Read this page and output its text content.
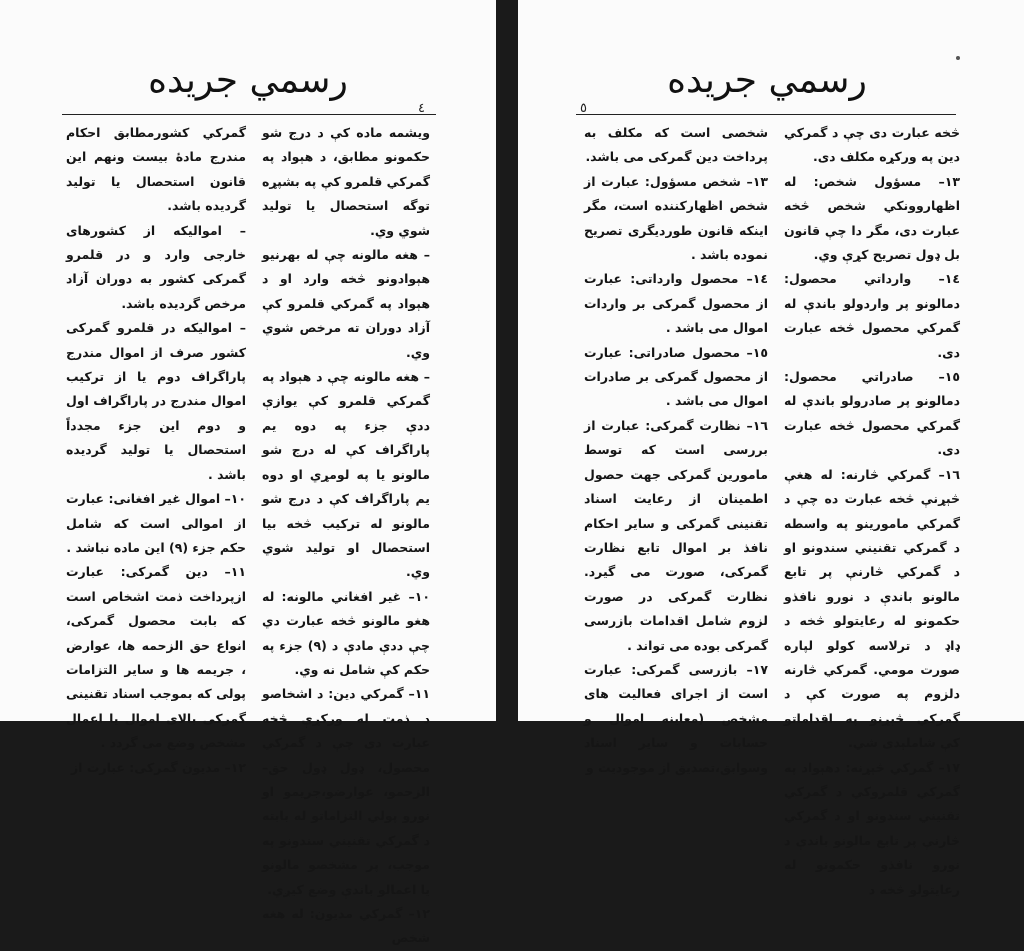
رسمي جريده
٤

ويشمه ماده كې د درج شو حكمونو مطابق، د هېواد په گمركي قلمرو كې په بشپړه توگه استحصال يا توليد شوي وي.

– هغه مالونه چې له بهرنيو هېوادونو څخه وارد او د هېواد په گمركي قلمرو كې آزاد دوران ته مرخص شوي وي.

– هغه مالونه چې د هېواد په گمركي قلمرو كې يوازې ددې جزء په دوه يم پاراگراف كې له درج شو مالونو يا په لومړي او دوه يم پاراگراف كې د درج شو مالونو له تركيب څخه بيا استحصال او توليد شوي وي.

١٠– غير افغاني مالونه: له هغو مالونو څخه عبارت دي چې ددې مادې د (٩) جزء په حكم كې شامل نه وي.

١١– گمركي دين: د اشخاصو د ذمت له وركړې څخه عبارت دى چې د گمركي محصول، ډول ډول حق– الزحمو، عوارضو،جريمو او نورو پولي التزاماتو له بابته د گمركي تقنيني سندونو په موجب، پر مشخصو مالونو يا اعمالو باندې وضع كيږي.

١٢– گمركي مديون: له هغه شخص

گمركي كشورمطابق احكام مندرج مادۀ بيست ونهم اين قانون استحصال يا توليد گرديده باشد.

– اموالیكه از كشورهای خارجی وارد و در قلمرو گمركی كشور به دوران آزاد مرخص گرديده باشد.

– اموالیكه در قلمرو گمركی كشور صرف از اموال مندرج پاراگراف دوم يا از تركيب اموال مندرج در پاراگراف اول و دوم اين جزء مجدداً استحصال يا توليد گرديده باشد .

١٠– اموال غير افغانى: عبارت از اموالى است كه شامل حكم جزء (٩) اين ماده نباشد .

١١– دين گمركى: عبارت ازپرداخت ذمت اشخاص است كه بابت محصول گمركى، انواع حق الزحمه ها، عوارض ، جريمه ها و ساير التزامات پولى كه بموجب اسناد تقنينى گمركى بالاى اموال يا اعمال مشخص وضع مى گردد .

١٢– مديون گمركى: عبارت از

رسمي جريده
٥

څخه عبارت دى چې د گمركي دين په وركړه مكلف دى.

١٣– مسؤول شخص: له اظهاروونكي شخص څخه عبارت دى، مگر دا چې قانون بل ډول تصريح كړې وي.

١٤– وارداتي محصول: دمالونو پر واردولو باندې له گمركي محصول څخه عبارت دى.

١٥– صادراتي محصول: دمالونو پر صادرولو باندې له گمركي محصول څخه عبارت دى.

١٦– گمركي څارنه: له هغې څېړنې څخه عبارت ده چې د گمركي مامورينو په واسطه د گمركي تقنيني سندونو او د گمركي څارنې پر تابع مالونو باندې د نورو نافذو حكمونو له رعايتولو څخه د ډاډ د ترلاسه كولو لپاره صورت مومي. گمركي څارنه دلزوم په صورت كې د گمركي څېړنو په اقداماتو كې شاملېدى شي.

١٧– گمركي څېړنه: دهېواد په گمركي قلمروكي د گمركي تقنيني سندونو او د گمركي څارنې پر تابع مالونو باندې د نورو نافذو حكمونو له رعايتولو څخه د

شخصى است كه مكلف به پرداخت دين گمركى مى باشد.

١٣– شخص مسؤول: عبارت از شخص اظهاركننده است، مگر اينكه قانون طورديگرى تصريح نموده باشد .

١٤– محصول وارداتى: عبارت از محصول گمركى بر واردات اموال مى باشد .

١٥– محصول صادراتى: عبارت از محصول گمركى بر صادرات اموال مى باشد .

١٦– نظارت گمركى: عبارت از بررسى است كه توسط مامورين گمركى جهت حصول اطمينان از رعايت اسناد تقنينى گمركى و ساير احكام نافذ بر اموال تابع نظارت گمركى، صورت مى گيرد. نظارت گمركى در صورت لزوم شامل اقدامات بازرسى گمركى بوده مى تواند .

١٧– بازرسى گمركى: عبارت است از اجراى فعاليت هاى مشخص (معاينه اموال و حسابات و ساير اسناد وسوابق،تصديق از موجوديت و
